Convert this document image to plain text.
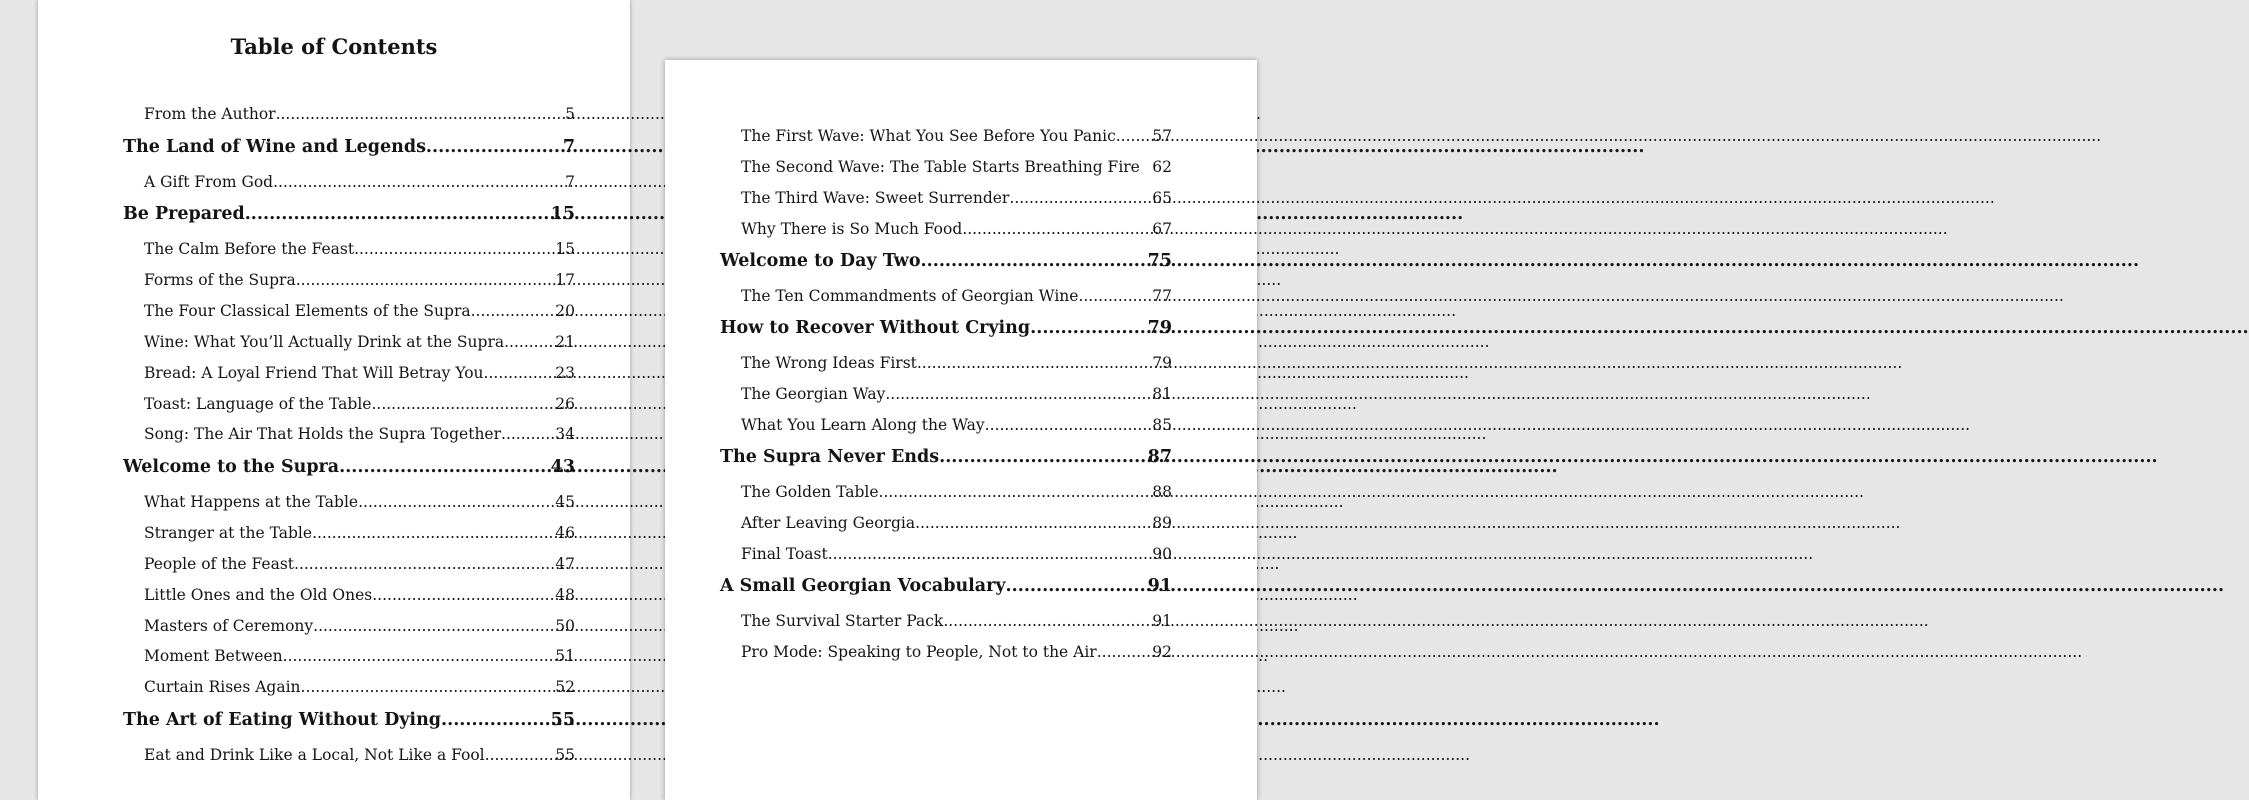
Table of Contents
From the Author .....	5
The Land of Wine and Legends .....	7
A Gift From God .....	7
Be Prepared .....	15
The Calm Before the Feast .....	15
Forms of the Supra .....	17
The Four Classical Elements of the Supra .....	20
Wine: What You’ll Actually Drink at the Supra .....	21
Bread: A Loyal Friend That Will Betray You .....	23
Toast: Language of the Table .....	26
Song: The Air That Holds the Supra Together .....	34
Welcome to the Supra .....	43
What Happens at the Table .....	45
Stranger at the Table .....	46
People of the Feast .....	47
Little Ones and the Old Ones .....	48
Masters of Ceremony .....	50
Moment Between .....	51
Curtain Rises Again .....	52
The Art of Eating Without Dying .....	55
Eat and Drink Like a Local, Not Like a Fool .....	55
The First Wave: What You See Before You Panic ..... 57
The Second Wave: The Table Starts Breathing Fire 62
The Third Wave: Sweet Surrender .....	65
Why There is So Much Food .....	67
Welcome to Day Two .....	75
The Ten Commandments of Georgian Wine .....	77
How to Recover Without Crying .....	79
The Wrong Ideas First .....	79
The Georgian Way .....	81
What You Learn Along the Way .....	85
The Supra Never Ends .....	87
The Golden Table .....	88
After Leaving Georgia .....	89
Final Toast .....	90
A Small Georgian Vocabulary .....	91
The Survival Starter Pack .....	91
Pro Mode: Speaking to People, Not to the Air .....	92
